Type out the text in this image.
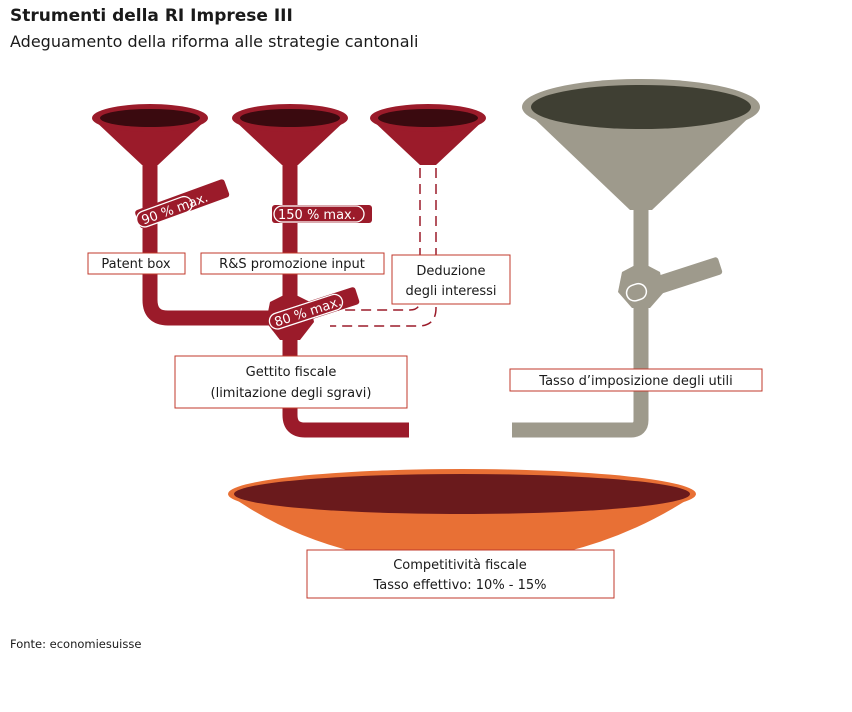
Strumenti della RI Imprese III
Adeguamento della riforma alle strategie cantonali
90 % max.	150 % max.
80 % max.
Patent box	R&S promozione input	Deduzione
degli interessi
Gettito fiscale
(limitazione degli sgravi)
Tasso d’imposizione degli utili
Competitività fiscale
Tasso effettivo: 10% - 15%
Fonte: economiesuisse
